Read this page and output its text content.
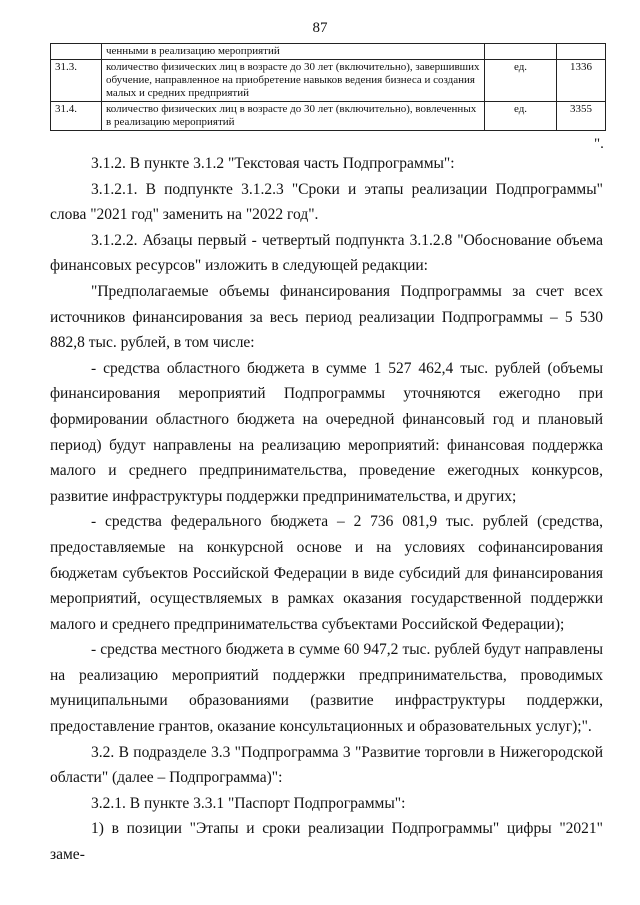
87
	ченными в реализацию мероприятий		
31.3.	количество физических лиц в возрасте до 30 лет (включительно), завершивших обучение, направленное на приобретение навыков ведения бизнеса и создания малых и средних предприятий	ед.	1336
31.4.	количество физических лиц в возрасте до 30 лет (включительно), вовлеченных в реализацию мероприятий	ед.	3355
".

3.1.2. В пункте 3.1.2 "Текстовая часть Подпрограммы":

3.1.2.1. В подпункте 3.1.2.3 "Сроки и этапы реализации Подпрограммы" слова "2021 год" заменить на "2022 год".

3.1.2.2. Абзацы первый - четвертый подпункта 3.1.2.8 "Обоснование объема финансовых ресурсов" изложить в следующей редакции:

"Предполагаемые объемы финансирования Подпрограммы за счет всех источников финансирования за весь период реализации Подпрограммы – 5 530 882,8 тыс. рублей, в том числе:

- средства областного бюджета в сумме 1 527 462,4 тыс. рублей (объемы финансирования мероприятий Подпрограммы уточняются ежегодно при формировании областного бюджета на очередной финансовый год и плановый период) будут направлены на реализацию мероприятий: финансовая поддержка малого и среднего предпринимательства, проведение ежегодных конкурсов, развитие инфраструктуры поддержки предпринимательства, и других;

- средства федерального бюджета – 2 736 081,9 тыс. рублей (средства, предоставляемые на конкурсной основе и на условиях софинансирования бюджетам субъектов Российской Федерации в виде субсидий для финансирования мероприятий, осуществляемых в рамках оказания государственной поддержки малого и среднего предпринимательства субъектами Российской Федерации);

- средства местного бюджета в сумме 60 947,2 тыс. рублей будут направлены на реализацию мероприятий поддержки предпринимательства, проводимых муниципальными образованиями (развитие инфраструктуры поддержки, предоставление грантов, оказание консультационных и образовательных услуг);".

3.2. В подразделе 3.3 "Подпрограмма 3 "Развитие торговли в Нижегородской области" (далее – Подпрограмма)":

3.2.1. В пункте 3.3.1 "Паспорт Подпрограммы":

1) в позиции "Этапы и сроки реализации Подпрограммы" цифры "2021" заме-
